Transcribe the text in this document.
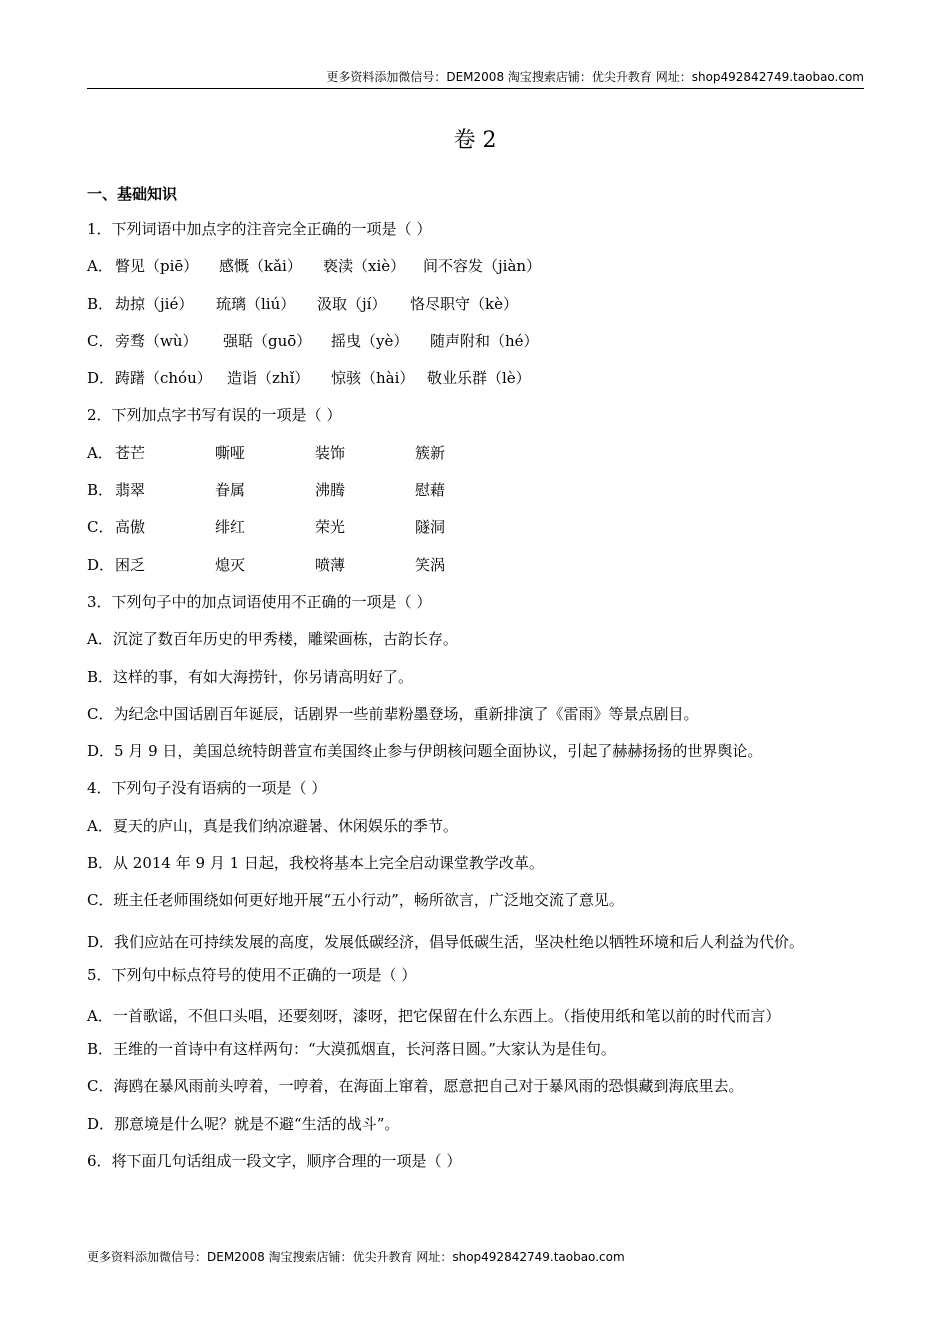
更多资料添加微信号：DEM2008 淘宝搜索店铺：优尖升教育 网址：shop492842749.taobao.com
卷 2
一、基础知识
1．下列词语中加点字的注音完全正确的一项是（ ）
A． 瞥见（piē）	感慨（kǎi）	亵渎（xiè）	间不容发（jiàn）
B． 劫掠（jié）	琉璃（liú）	汲取（jí）	恪尽职守（kè）
C． 旁骛（wù）	强聒（guō）	摇曳（yè）	随声附和（hé）
D． 踌躇（chóu）	造诣（zhǐ）	惊骇（hài） 敬业乐群（lè）
2．下列加点字书写有误的一项是（ ）
A． 苍芒	嘶哑	装饰	簇新
B． 翡翠	眷属	沸腾	慰藉
C． 高傲	绯红	荣光	隧洞
D． 困乏	熄灭	喷薄	笑涡
3．下列句子中的加点词语使用不正确的一项是（ ）
A．沉淀了数百年历史的甲秀楼，雕梁画栋，古韵长存。
B．这样的事，有如大海捞针，你另请高明好了。
C．为纪念中国话剧百年诞辰，话剧界一些前辈粉墨登场，重新排演了《雷雨》等景点剧目。
D．5 月 9 日，美国总统特朗普宣布美国终止参与伊朗核问题全面协议，引起了赫赫扬扬的世界舆论。
4．下列句子没有语病的一项是（ ）
A．夏天的庐山，真是我们纳凉避暑、休闲娱乐的季节。
B．从 2014 年 9 月 1 日起，我校将基本上完全启动课堂教学改革。
C．班主任老师围绕如何更好地开展“五小行动”，畅所欲言，广泛地交流了意见。
D．我们应站在可持续发展的高度，发展低碳经济，倡导低碳生活，坚决杜绝以牺牲环境和后人利益为代价。
5．下列句中标点符号的使用不正确的一项是（ ）
A．一首歌谣，不但口头唱，还要刻呀，漆呀，把它保留在什么东西上。（指使用纸和笔以前的时代而言）
B．王维的一首诗中有这样两句：“大漠孤烟直，长河落日圆。”大家认为是佳句。
C．海鸥在暴风雨前头哼着，一哼着，在海面上窜着，愿意把自己对于暴风雨的恐惧藏到海底里去。
D．那意境是什么呢？就是不避“生活的战斗”。
6．将下面几句话组成一段文字，顺序合理的一项是（ ）
更多资料添加微信号：DEM2008 淘宝搜索店铺：优尖升教育 网址：shop492842749.taobao.com
